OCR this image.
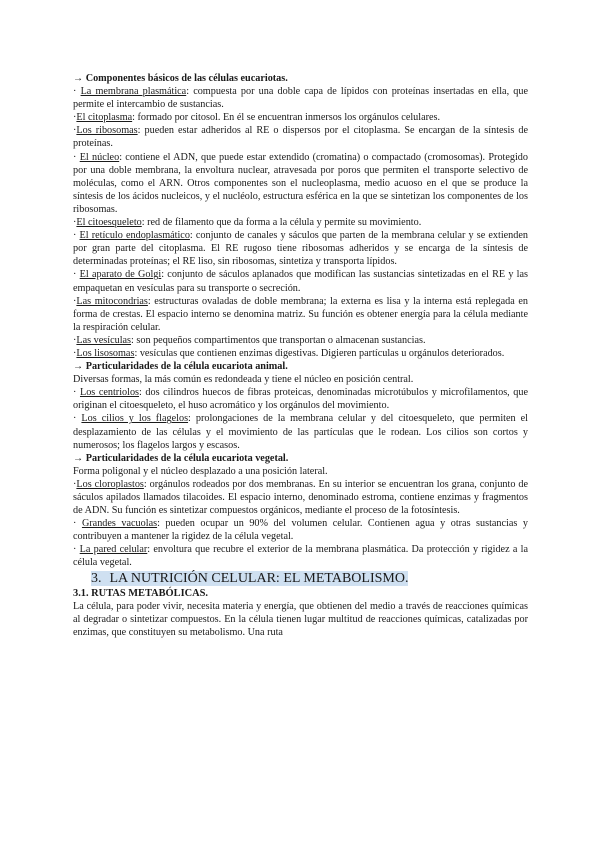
→ Componentes básicos de las células eucariotas.

· La membrana plasmática: compuesta por una doble capa de lípidos con proteínas insertadas en ella, que permite el intercambio de sustancias.

·El citoplasma: formado por citosol. En él se encuentran inmersos los orgánulos celulares.

·Los ribosomas: pueden estar adheridos al RE o dispersos por el citoplasma. Se encargan de la síntesis de proteínas.

· El núcleo: contiene el ADN, que puede estar extendido (cromatina) o compactado (cromosomas). Protegido por una doble membrana, la envoltura nuclear, atravesada por poros que permiten el transporte selectivo de moléculas, como el ARN. Otros componentes son el nucleoplasma, medio acuoso en el que se produce la síntesis de los ácidos nucleicos, y el nucléolo, estructura esférica en la que se sintetizan los componentes de los ribosomas.

·El citoesqueleto: red de filamento que da forma a la célula y permite su movimiento.

· El retículo endoplasmático: conjunto de canales y sáculos que parten de la membrana celular y se extienden por gran parte del citoplasma. El RE rugoso tiene ribosomas adheridos y se encarga de la síntesis de determinadas proteínas; el RE liso, sin ribosomas, sintetiza y transporta lípidos.

· El aparato de Golgi: conjunto de sáculos aplanados que modifican las sustancias sintetizadas en el RE y las empaquetan en vesículas para su transporte o secreción.

·Las mitocondrias: estructuras ovaladas de doble membrana; la externa es lisa y la interna está replegada en forma de crestas. El espacio interno se denomina matriz. Su función es obtener energía para la célula mediante la respiración celular.

·Las vesículas: son pequeños compartimentos que transportan o almacenan sustancias.

·Los lisosomas: vesículas que contienen enzimas digestivas. Digieren partículas u orgánulos deteriorados.

→ Particularidades de la célula eucariota animal.

Diversas formas, la más común es redondeada y tiene el núcleo en posición central.

· Los centriolos: dos cilindros huecos de fibras proteicas, denominadas microtúbulos y microfilamentos, que originan el citoesqueleto, el huso acromático y los orgánulos del movimiento.

· Los cilios y los flagelos: prolongaciones de la membrana celular y del citoesqueleto, que permiten el desplazamiento de las células y el movimiento de las partículas que le rodean. Los cilios son cortos y numerosos; los flagelos largos y escasos.

→ Particularidades de la célula eucariota vegetal.

Forma poligonal y el núcleo desplazado a una posición lateral.

·Los cloroplastos: orgánulos rodeados por dos membranas. En su interior se encuentran los grana, conjunto de sáculos apilados llamados tilacoides. El espacio interno, denominado estroma, contiene enzimas y fragmentos de ADN. Su función es sintetizar compuestos orgánicos, mediante el proceso de la fotosíntesis.

· Grandes vacuolas: pueden ocupar un 90% del volumen celular. Contienen agua y otras sustancias y contribuyen a mantener la rigidez de la célula vegetal.

· La pared celular: envoltura que recubre el exterior de la membrana plasmática. Da protección y rigidez a la célula vegetal.

3. LA NUTRICIÓN CELULAR: EL METABOLISMO.

3.1. RUTAS METABÓLICAS.

La célula, para poder vivir, necesita materia y energía, que obtienen del medio a través de reacciones químicas al degradar o sintetizar compuestos. En la célula tienen lugar multitud de reacciones químicas, catalizadas por enzimas, que constituyen su metabolismo. Una ruta
